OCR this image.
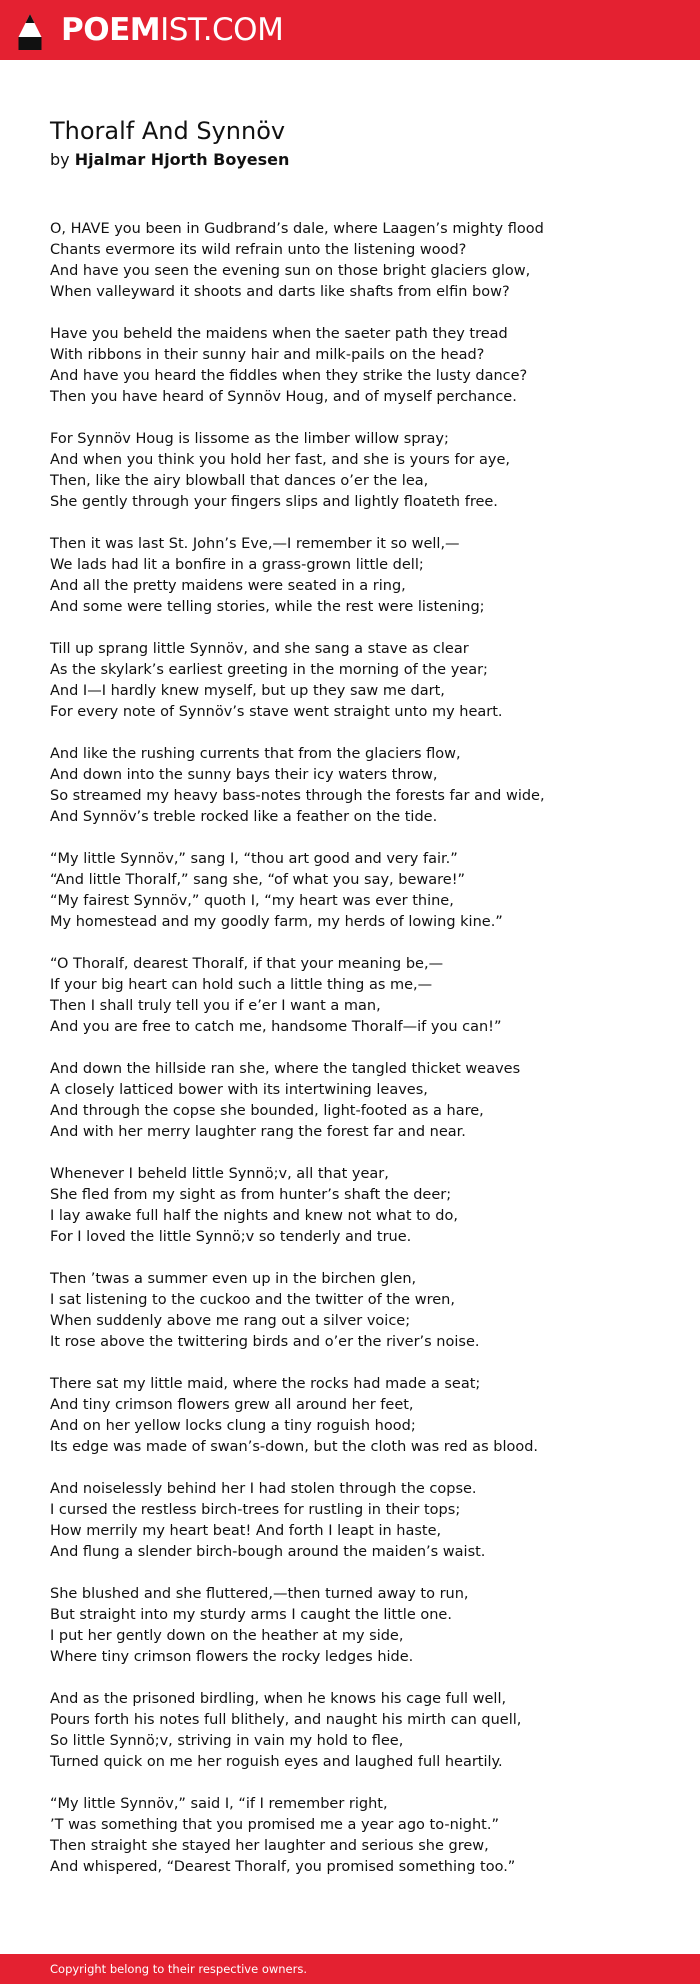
POEMIST.COM
Thoralf And Synnöv
by Hjalmar Hjorth Boyesen
O, HAVE you been in Gudbrand’s dale, where Laagen’s mighty flood
Chants evermore its wild refrain unto the listening wood?
And have you seen the evening sun on those bright glaciers glow,
When valleyward it shoots and darts like shafts from elfin bow?
Have you beheld the maidens when the saeter path they tread
With ribbons in their sunny hair and milk-pails on the head?
And have you heard the fiddles when they strike the lusty dance?
Then you have heard of Synnöv Houg, and of myself perchance.
For Synnöv Houg is lissome as the limber willow spray;
And when you think you hold her fast, and she is yours for aye,
Then, like the airy blowball that dances o’er the lea,
She gently through your fingers slips and lightly floateth free.
Then it was last St. John’s Eve,—I remember it so well,—
We lads had lit a bonfire in a grass-grown little dell;
And all the pretty maidens were seated in a ring,
And some were telling stories, while the rest were listening;
Till up sprang little Synnöv, and she sang a stave as clear
As the skylark’s earliest greeting in the morning of the year;
And I—I hardly knew myself, but up they saw me dart,
For every note of Synnöv’s stave went straight unto my heart.
And like the rushing currents that from the glaciers flow,
And down into the sunny bays their icy waters throw,
So streamed my heavy bass-notes through the forests far and wide,
And Synnöv’s treble rocked like a feather on the tide.
“My little Synnöv,” sang I, “thou art good and very fair.”
“And little Thoralf,” sang she, “of what you say, beware!”
“My fairest Synnöv,” quoth I, “my heart was ever thine,
My homestead and my goodly farm, my herds of lowing kine.”
“O Thoralf, dearest Thoralf, if that your meaning be,—
If your big heart can hold such a little thing as me,—
Then I shall truly tell you if e’er I want a man,
And you are free to catch me, handsome Thoralf—if you can!”
And down the hillside ran she, where the tangled thicket weaves
A closely latticed bower with its intertwining leaves,
And through the copse she bounded, light-footed as a hare,
And with her merry laughter rang the forest far and near.
Whenever I beheld little Synnö;v, all that year,
She fled from my sight as from hunter’s shaft the deer;
I lay awake full half the nights and knew not what to do,
For I loved the little Synnö;v so tenderly and true.
Then ’twas a summer even up in the birchen glen,
I sat listening to the cuckoo and the twitter of the wren,
When suddenly above me rang out a silver voice;
It rose above the twittering birds and o’er the river’s noise.
There sat my little maid, where the rocks had made a seat;
And tiny crimson flowers grew all around her feet,
And on her yellow locks clung a tiny roguish hood;
Its edge was made of swan’s-down, but the cloth was red as blood.
And noiselessly behind her I had stolen through the copse.
I cursed the restless birch-trees for rustling in their tops;
How merrily my heart beat! And forth I leapt in haste,
And flung a slender birch-bough around the maiden’s waist.
She blushed and she fluttered,—then turned away to run,
But straight into my sturdy arms I caught the little one.
I put her gently down on the heather at my side,
Where tiny crimson flowers the rocky ledges hide.
And as the prisoned birdling, when he knows his cage full well,
Pours forth his notes full blithely, and naught his mirth can quell,
So little Synnö;v, striving in vain my hold to flee,
Turned quick on me her roguish eyes and laughed full heartily.
“My little Synnöv,” said I, “if I remember right,
’T was something that you promised me a year ago to-night.”
Then straight she stayed her laughter and serious she grew,
And whispered, “Dearest Thoralf, you promised something too.”
Copyright belong to their respective owners.
